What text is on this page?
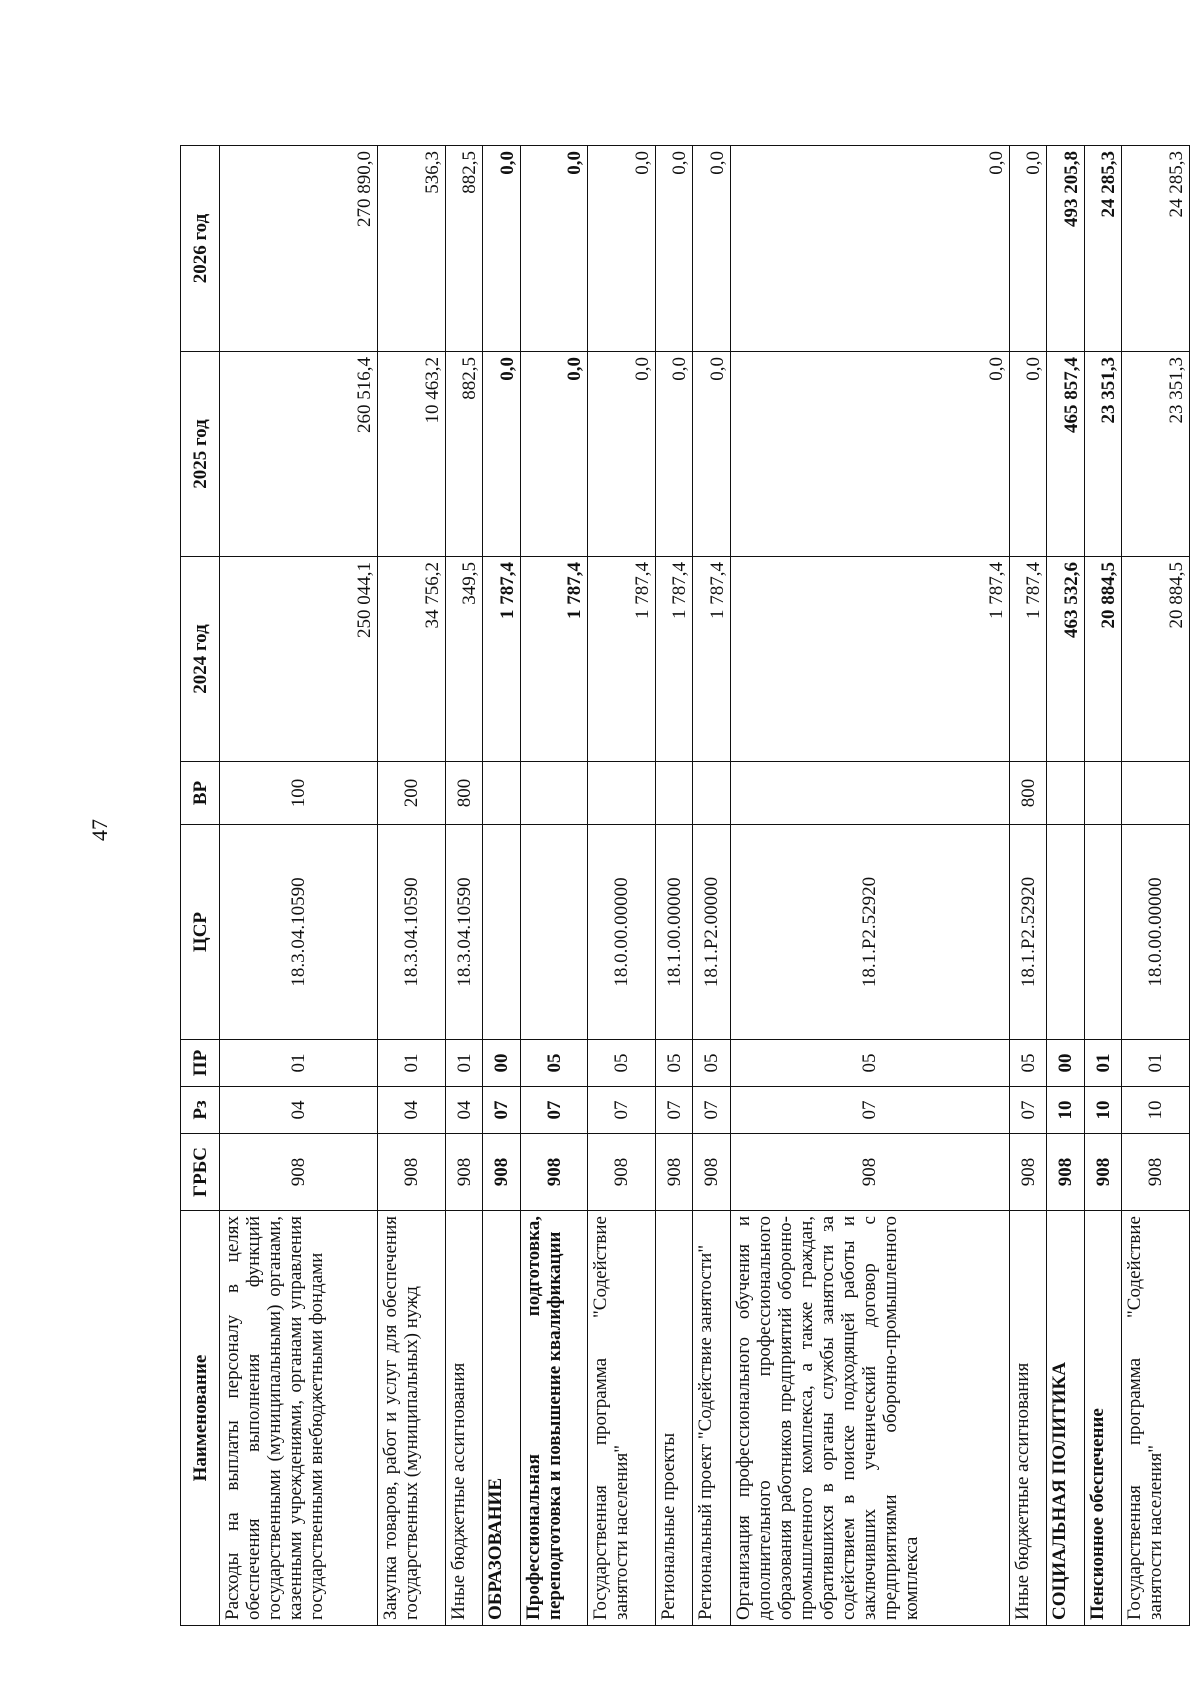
47
Наименование	ГРБС	Рз	ПР	ЦСР	ВР	2024 год	2025 год	2026 год
Расходы на выплаты персоналу в целях обеспечения выполнения функций государственными (муниципальными) органами, казенными учреждениями, органами управления государственными внебюджетными фондами	908	04	01	18.3.04.10590	100	250 044,1	260 516,4	270 890,0
Закупка товаров, работ и услуг для обеспечения государственных (муниципальных) нужд	908	04	01	18.3.04.10590	200	34 756,2	10 463,2	536,3
Иные бюджетные ассигнования	908	04	01	18.3.04.10590	800	349,5	882,5	882,5
ОБРАЗОВАНИЕ	908	07	00			1 787,4	0,0	0,0
Профессиональная подготовка, переподготовка и повышение квалификации	908	07	05			1 787,4	0,0	0,0
Государственная программа "Содействие занятости населения"	908	07	05	18.0.00.00000		1 787,4	0,0	0,0
Региональные проекты	908	07	05	18.1.00.00000		1 787,4	0,0	0,0
Региональный проект "Содействие занятости"	908	07	05	18.1.P2.00000		1 787,4	0,0	0,0
Организация профессионального обучения и дополнительного профессионального образования работников предприятий оборонно-промышленного комплекса, а также граждан, обратившихся в органы службы занятости за содействием в поиске подходящей работы и заключивших ученический договор с предприятиями оборонно-промышленного комплекса	908	07	05	18.1.P2.52920		1 787,4	0,0	0,0
Иные бюджетные ассигнования	908	07	05	18.1.P2.52920	800	1 787,4	0,0	0,0
СОЦИАЛЬНАЯ ПОЛИТИКА	908	10	00			463 532,6	465 857,4	493 205,8
Пенсионное обеспечение	908	10	01			20 884,5	23 351,3	24 285,3
Государственная программа "Содействие занятости населения"	908	10	01	18.0.00.00000		20 884,5	23 351,3	24 285,3
